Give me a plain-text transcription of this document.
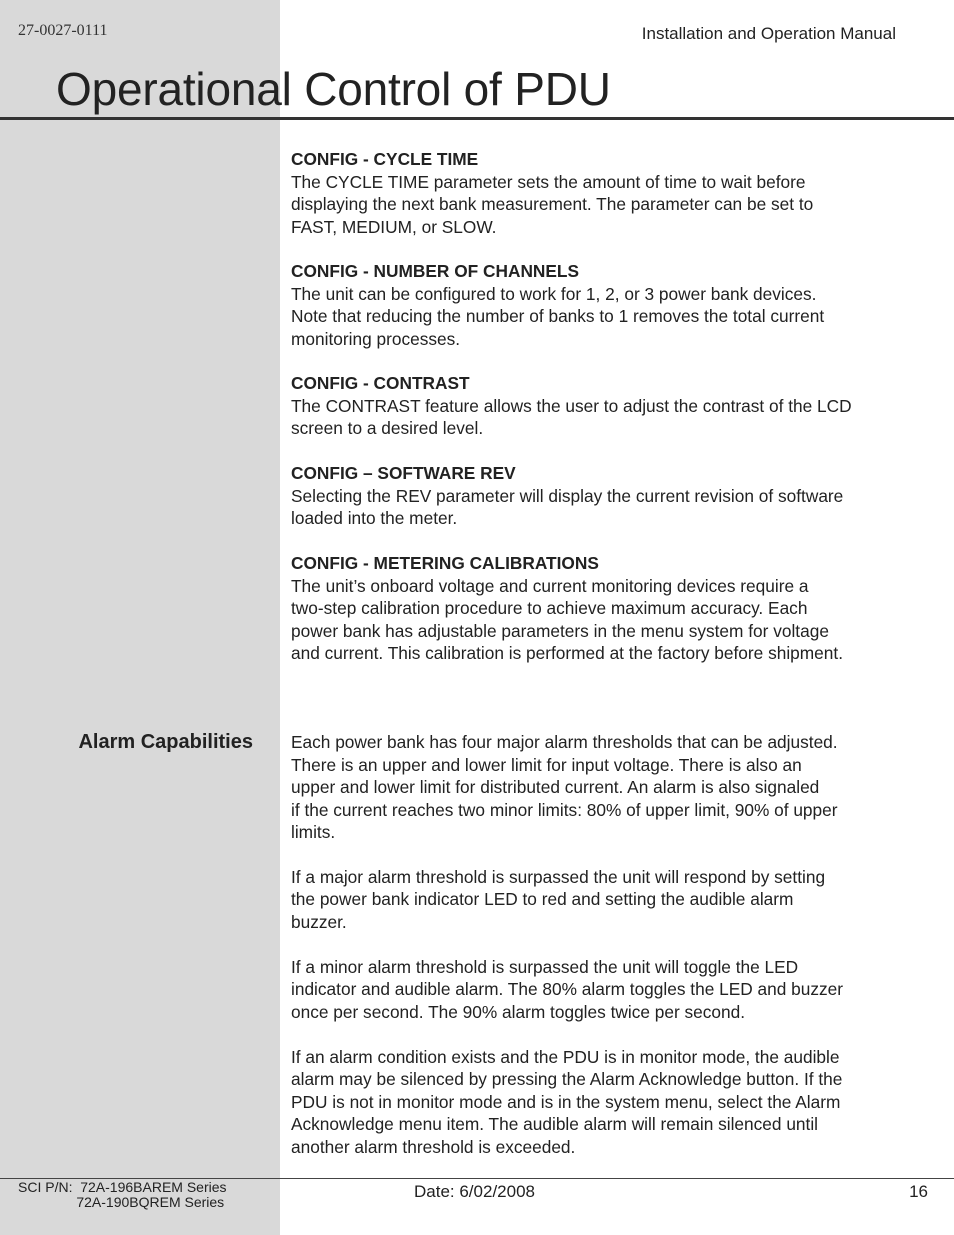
27-0027-0111	Installation and Operation Manual
Operational Control of PDU
CONFIG - CYCLE TIME

The CYCLE TIME parameter sets the amount of time to wait before

displaying the next bank measurement. The parameter can be set to

FAST, MEDIUM, or SLOW.

CONFIG - NUMBER OF CHANNELS

The unit can be configured to work for 1, 2, or 3 power bank devices.

Note that reducing the number of banks to 1 removes the total current

monitoring processes.

CONFIG - CONTRAST

The CONTRAST feature allows the user to adjust the contrast of the LCD

screen to a desired level.

CONFIG – SOFTWARE REV

Selecting the REV parameter will display the current revision of software

loaded into the meter.

CONFIG - METERING CALIBRATIONS

The unit’s onboard voltage and current monitoring devices require a

two-step calibration procedure to achieve maximum accuracy. Each

power bank has adjustable parameters in the menu system for voltage

and current. This calibration is performed at the factory before shipment.

Alarm Capabilities Each power bank has four major alarm thresholds that can be adjusted.
There is an upper and lower limit for input voltage. There is also an
upper and lower limit for distributed current. An alarm is also signaled
if the current reaches two minor limits: 80% of upper limit, 90% of upper
limits.

If a major alarm threshold is surpassed the unit will respond by setting
the power bank indicator LED to red and setting the audible alarm
buzzer.

If a minor alarm threshold is surpassed the unit will toggle the LED
indicator and audible alarm. The 80% alarm toggles the LED and buzzer
once per second. The 90% alarm toggles twice per second.

If an alarm condition exists and the PDU is in monitor mode, the audible
alarm may be silenced by pressing the Alarm Acknowledge button. If the
PDU is not in monitor mode and is in the system menu, select the Alarm
Acknowledge menu item. The audible alarm will remain silenced until
another alarm threshold is exceeded.

SCI P/N:  72A-196BAREM Series
72A-190BQREM Series
Date: 6/02/2008	16
